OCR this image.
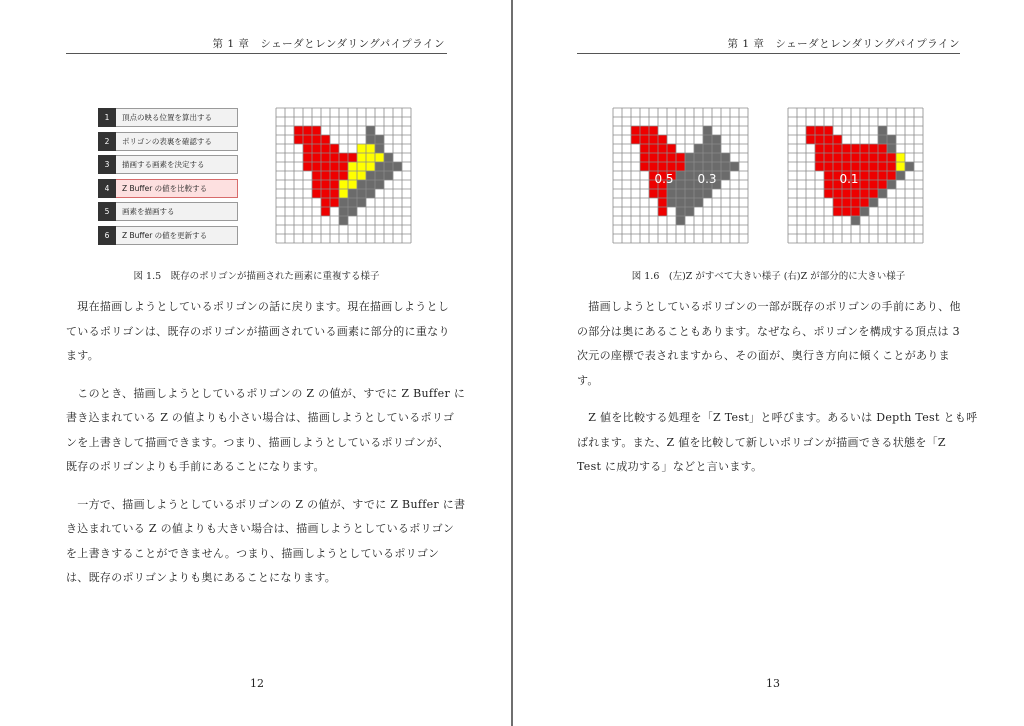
第 1 章　シェーダとレンダリングパイプライン
1	頂点の映る位置を算出する
2	ポリゴンの表裏を確認する
3	描画する画素を決定する
4	Z Buffer の値を比較する
5	画素を描画する
6	Z Buffer の値を更新する
図 1.5　既存のポリゴンが描画された画素に重複する様子

　現在描画しようとしているポリゴンの話に戻ります。現在描画しようとし
ているポリゴンは、既存のポリゴンが描画されている画素に部分的に重なり
ます。

　このとき、描画しようとしているポリゴンの Z の値が、すでに Z Buffer に
書き込まれている Z の値よりも小さい場合は、描画しようとしているポリゴ
ンを上書きして描画できます。つまり、描画しようとしているポリゴンが、
既存のポリゴンよりも手前にあることになります。

　一方で、描画しようとしているポリゴンの Z の値が、すでに Z Buffer に書
き込まれている Z の値よりも大きい場合は、描画しようとしているポリゴン
を上書きすることができません。つまり、描画しようとしているポリゴン
は、既存のポリゴンよりも奥にあることになります。

12
第 1 章　シェーダとレンダリングパイプライン
0.5 0.3	0.1
図 1.6　(左)Z がすべて大きい様子 (右)Z が部分的に大きい様子

　描画しようとしているポリゴンの一部が既存のポリゴンの手前にあり、他
の部分は奥にあることもあります。なぜなら、ポリゴンを構成する頂点は 3
次元の座標で表されますから、その面が、奥行き方向に傾くことがありま
す。

　Z 値を比較する処理を「Z Test」と呼びます。あるいは Depth Test とも呼
ばれます。また、Z 値を比較して新しいポリゴンが描画できる状態を「Z
Test に成功する」などと言います。

13
